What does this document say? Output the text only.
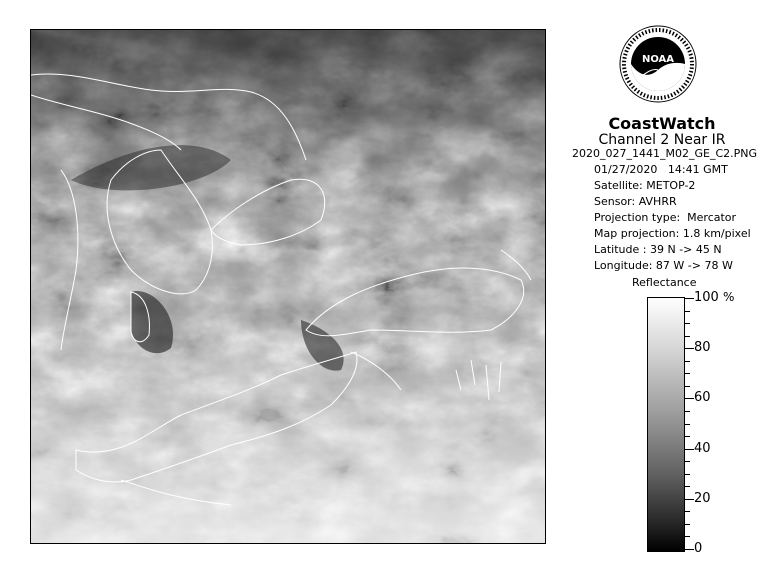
NOAA
CoastWatch
Channel 2 Near IR
2020_027_1441_M02_GE_C2.PNG
01/27/2020   14:41 GMT
Satellite: METOP-2
Sensor: AVHRR
Projection type:  Mercator
Map projection: 1.8 km/pixel
Latitude : 39 N -> 45 N
Longitude: 87 W -> 78 W
Reflectance
%
100
80
60
40
20
0
